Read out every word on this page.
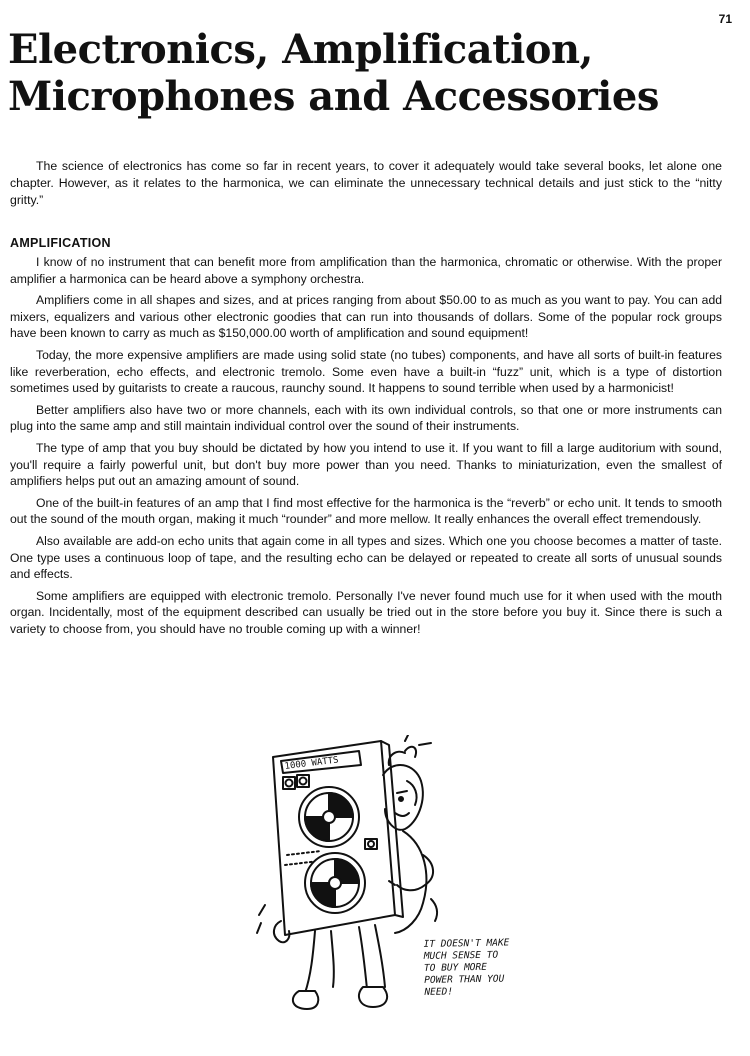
71
Electronics, Amplification,
Microphones and Accessories

The science of electronics has come so far in recent years, to cover it adequately would take several books, let alone one chapter. However, as it relates to the harmonica, we can eliminate the unnecessary technical details and just stick to the “nitty gritty.”

AMPLIFICATION

I know of no instrument that can benefit more from amplification than the harmonica, chromatic or otherwise. With the proper amplifier a harmonica can be heard above a symphony orchestra.

Amplifiers come in all shapes and sizes, and at prices ranging from about $50.00 to as much as you want to pay. You can add mixers, equalizers and various other electronic goodies that can run into thousands of dollars. Some of the popular rock groups have been known to carry as much as $150,000.00 worth of amplification and sound equipment!

Today, the more expensive amplifiers are made using solid state (no tubes) components, and have all sorts of built-in features like reverberation, echo effects, and electronic tremolo. Some even have a built-in “fuzz” unit, which is a type of distortion sometimes used by guitarists to create a raucous, raunchy sound. It happens to sound terrible when used by a harmonicist!

Better amplifiers also have two or more channels, each with its own individual controls, so that one or more instruments can plug into the same amp and still maintain individual control over the sound of their instruments.

The type of amp that you buy should be dictated by how you intend to use it. If you want to fill a large auditorium with sound, you'll require a fairly powerful unit, but don't buy more power than you need. Thanks to miniaturization, even the smallest of amplifiers helps put out an amazing amount of sound.

One of the built-in features of an amp that I find most effective for the harmonica is the “reverb” or echo unit. It tends to smooth out the sound of the mouth organ, making it much “rounder” and more mellow. It really enhances the overall effect tremendously.

Also available are add-on echo units that again come in all types and sizes. Which one you choose becomes a matter of taste. One type uses a continuous loop of tape, and the resulting echo can be delayed or repeated to create all sorts of unusual sounds and effects.

Some amplifiers are equipped with electronic tremolo. Personally I've never found much use for it when used with the mouth organ. Incidentally, most of the equipment described can usually be tried out in the store before you buy it. Since there is such a variety to choose from, you should have no trouble coming up with a winner!

1000 WATTS

IT DOESN'T MAKE
MUCH SENSE TO
TO BUY MORE
POWER THAN YOU
NEED!
